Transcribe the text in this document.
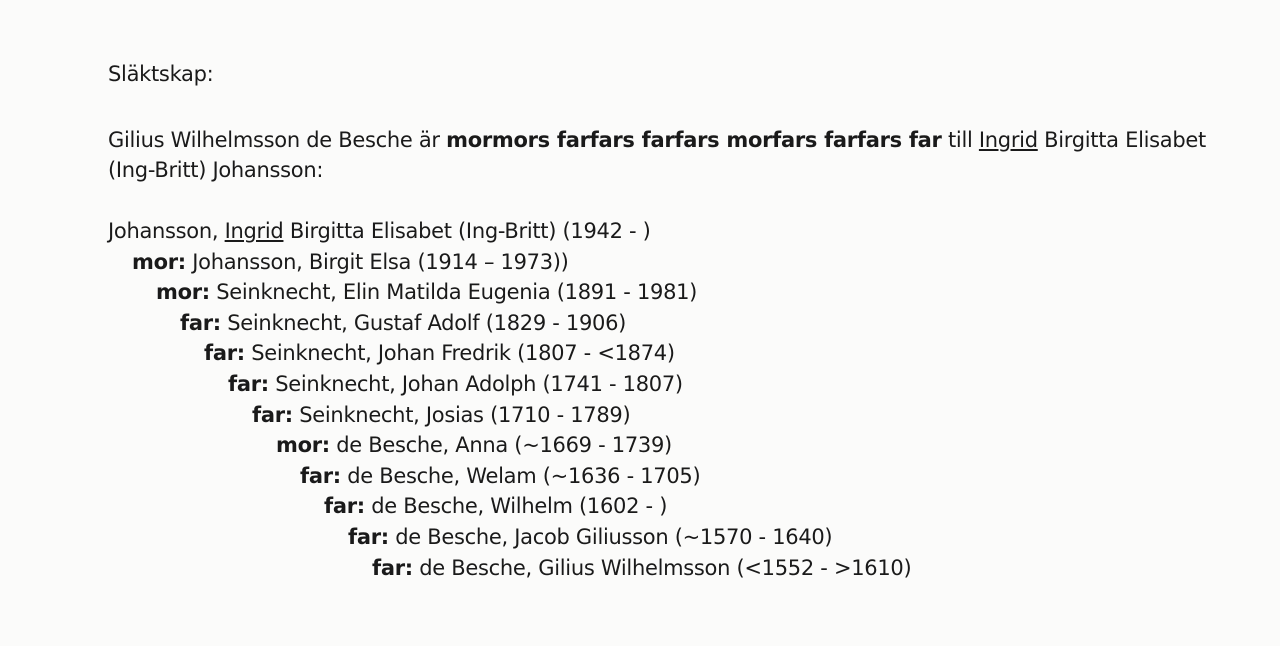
Släktskap:
Gilius Wilhelmsson de Besche är mormors farfars farfars morfars farfars far till Ingrid Birgitta Elisabet (Ing-Britt) Johansson:
Johansson, Ingrid Birgitta Elisabet (Ing-Britt) (1942 - )
mor: Johansson, Birgit Elsa (1914 – 1973))
mor: Seinknecht, Elin Matilda Eugenia (1891 - 1981)
far: Seinknecht, Gustaf Adolf (1829 - 1906)
far: Seinknecht, Johan Fredrik (1807 - <1874)
far: Seinknecht, Johan Adolph (1741 - 1807)
far: Seinknecht, Josias (1710 - 1789)
mor: de Besche, Anna (~1669 - 1739)
far: de Besche, Welam (~1636 - 1705)
far: de Besche, Wilhelm (1602 - )
far: de Besche, Jacob Giliusson (~1570 - 1640)
far: de Besche, Gilius Wilhelmsson (<1552 - >1610)
